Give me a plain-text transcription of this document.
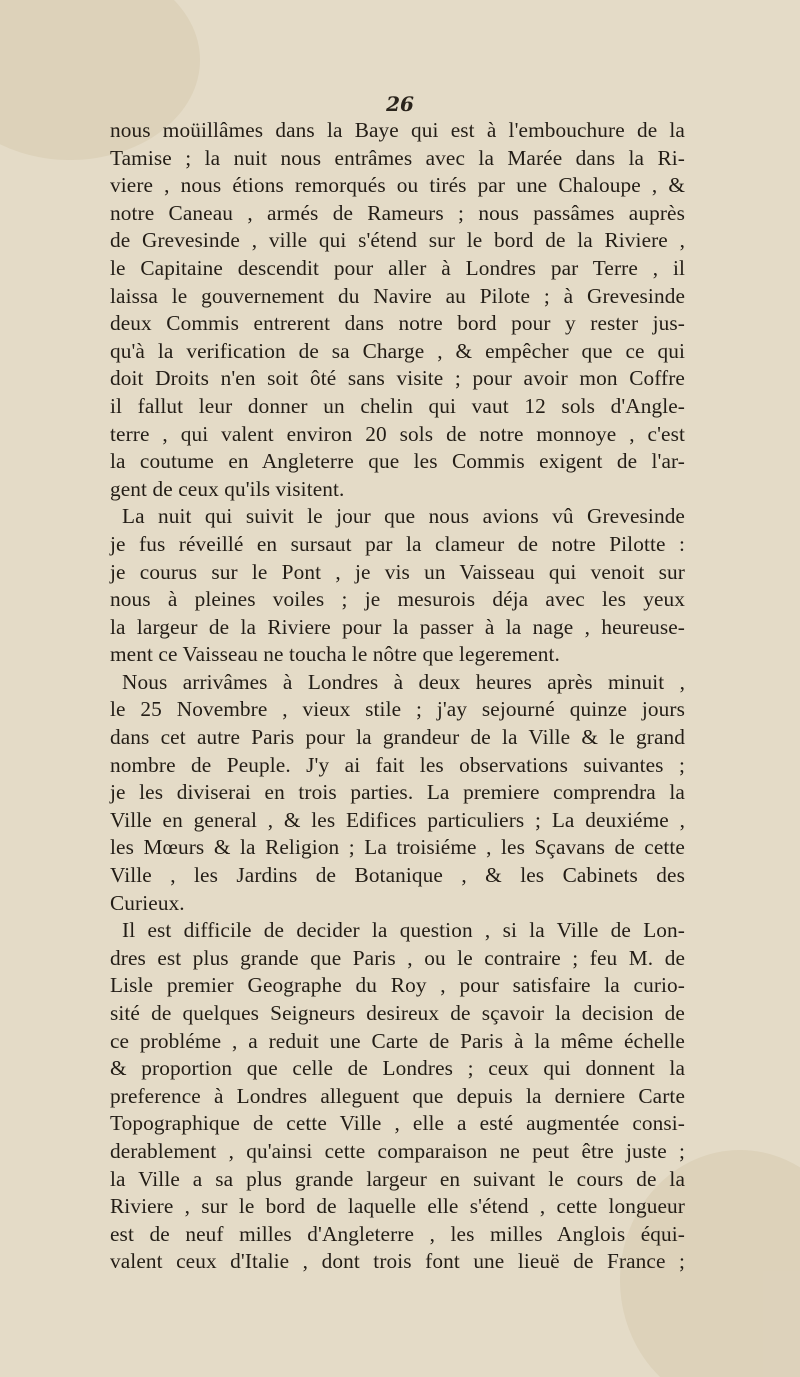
26
nous moüillâmes dans la Baye qui est à l'embouchure de la
Tamise ; la nuit nous entrâmes avec la Marée dans la Ri-
viere , nous étions remorqués ou tirés par une Chaloupe , &
notre Caneau , armés de Rameurs ; nous passâmes auprès
de Grevesinde , ville qui s'étend sur le bord de la Riviere ,
le Capitaine descendit pour aller à Londres par Terre , il
laissa le gouvernement du Navire au Pilote ; à Grevesinde
deux Commis entrerent dans notre bord pour y rester jus-
qu'à la verification de sa Charge , & empêcher que ce qui
doit Droits n'en soit ôté sans visite ; pour avoir mon Coffre
il fallut leur donner un chelin qui vaut 12 sols d'Angle-
terre , qui valent environ 20 sols de notre monnoye , c'est
la coutume en Angleterre que les Commis exigent de l'ar-
gent de ceux qu'ils visitent.
La nuit qui suivit le jour que nous avions vû Grevesinde
je fus réveillé en sursaut par la clameur de notre Pilotte :
je courus sur le Pont , je vis un Vaisseau qui venoit sur
nous à pleines voiles ; je mesurois déja avec les yeux
la largeur de la Riviere pour la passer à la nage , heureuse-
ment ce Vaisseau ne toucha le nôtre que legerement.
Nous arrivâmes à Londres à deux heures après minuit ,
le 25 Novembre , vieux stile ; j'ay sejourné quinze jours
dans cet autre Paris pour la grandeur de la Ville & le grand
nombre de Peuple. J'y ai fait les observations suivantes ;
je les diviserai en trois parties. La premiere comprendra la
Ville en general , & les Edifices particuliers ; La deuxiéme ,
les Mœurs & la Religion ; La troisiéme , les Sçavans de cette
Ville , les Jardins de Botanique , & les Cabinets des
Curieux.
Il est difficile de decider la question , si la Ville de Lon-
dres est plus grande que Paris , ou le contraire ; feu M. de
Lisle premier Geographe du Roy , pour satisfaire la curio-
sité de quelques Seigneurs desireux de sçavoir la decision de
ce probléme , a reduit une Carte de Paris à la même échelle
& proportion que celle de Londres ; ceux qui donnent la
preference à Londres alleguent que depuis la derniere Carte
Topographique de cette Ville , elle a esté augmentée consi-
derablement , qu'ainsi cette comparaison ne peut être juste ;
la Ville a sa plus grande largeur en suivant le cours de la
Riviere , sur le bord de laquelle elle s'étend , cette longueur
est de neuf milles d'Angleterre , les milles Anglois équi-
valent ceux d'Italie , dont trois font une lieuë de France ;
